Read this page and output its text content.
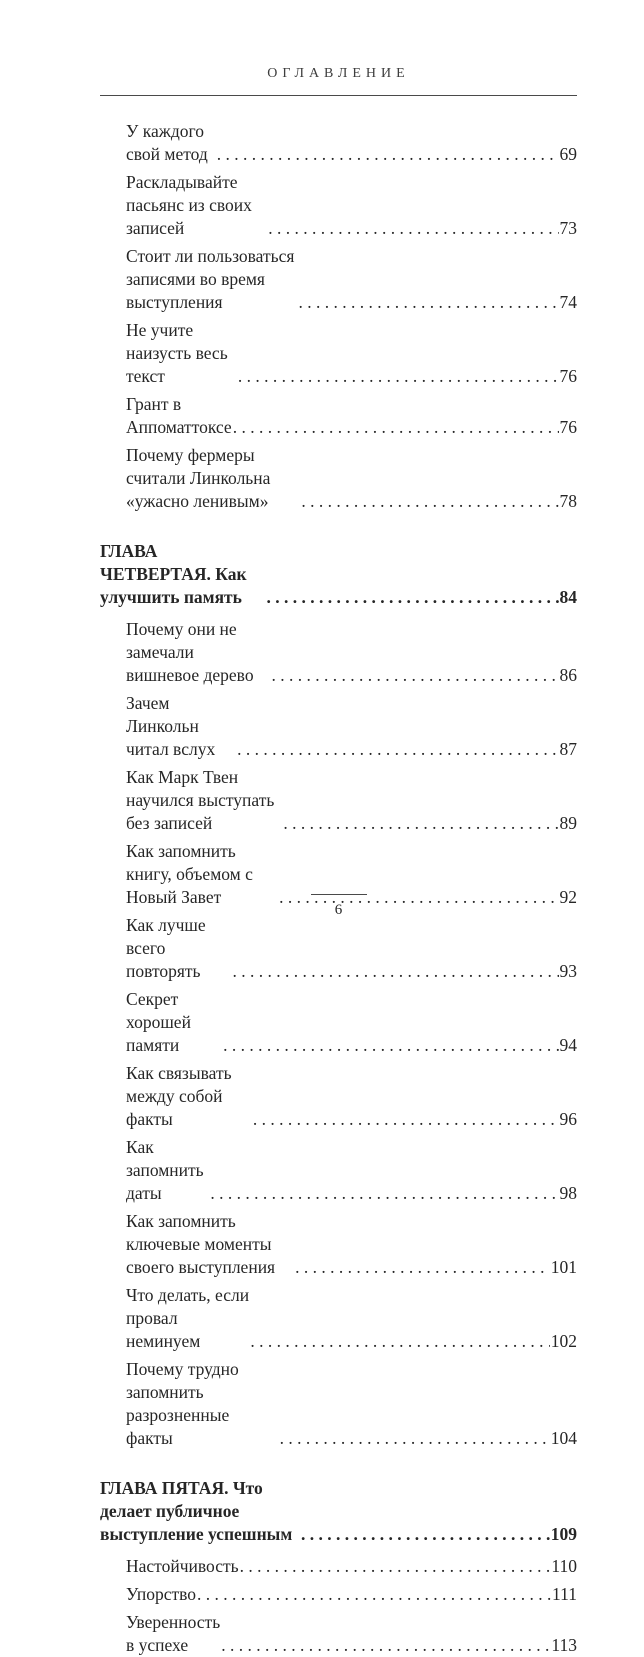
ОГЛАВЛЕНИЕ
У каждого свой метод . . .	69
Раскладывайте пасьянс из своих записей . . .	73
Стоит ли пользоваться записями во время выступления . . .	74
Не учите наизусть весь текст . . .	76
Грант в Аппоматтоксе . . .	76
Почему фермеры считали Линкольна «ужасно ленивым» . . .	78
ГЛАВА ЧЕТВЕРТАЯ. Как улучшить память . . .	84
Почему они не замечали вишневое дерево . . .	86
Зачем Линкольн читал вслух . . .	87
Как Марк Твен научился выступать без записей . . .	89
Как запомнить книгу, объемом с Новый Завет . . .	92
Как лучше всего повторять . . .	93
Секрет хорошей памяти . . .	94
Как связывать между собой факты . . .	96
Как запомнить даты . . .	98
Как запомнить ключевые моменты своего выступления . . .	101
Что делать, если провал неминуем . . .	102
Почему трудно запомнить разрозненные факты . . .	104
ГЛАВА ПЯТАЯ. Что делает публичное выступление успешным . . .	109
Настойчивость . . .	110
Упорство . . .	111
Уверенность в успехе . . .	113
6
